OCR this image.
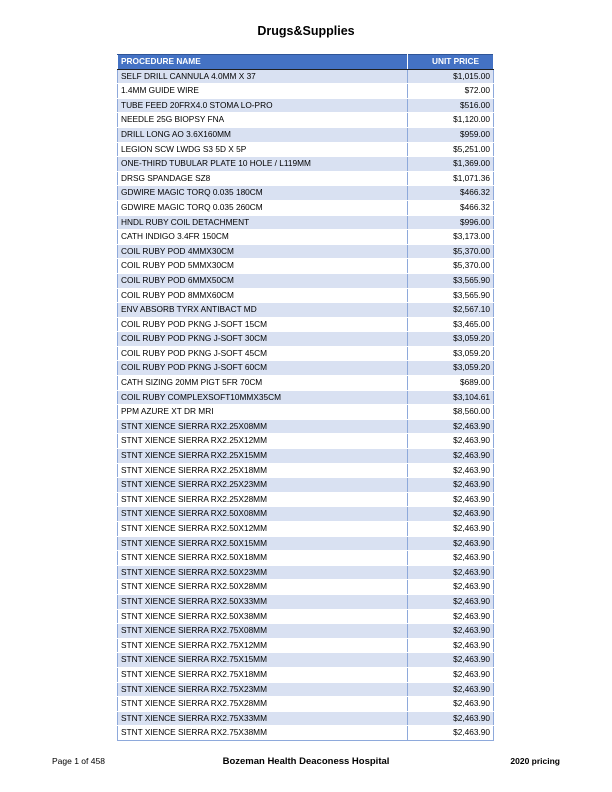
Drugs&Supplies
PROCEDURE NAME	UNIT PRICE
SELF DRILL CANNULA 4.0MM X 37	$1,015.00
1.4MM GUIDE WIRE	$72.00
TUBE FEED 20FRX4.0 STOMA LO-PRO	$516.00
NEEDLE 25G BIOPSY FNA	$1,120.00
DRILL LONG AO 3.6X160MM	$959.00
LEGION SCW LWDG S3 5D X 5P	$5,251.00
ONE-THIRD TUBULAR PLATE 10 HOLE / L119MM	$1,369.00
DRSG SPANDAGE SZ8	$1,071.36
GDWIRE MAGIC TORQ 0.035 180CM	$466.32
GDWIRE MAGIC TORQ 0.035 260CM	$466.32
HNDL RUBY COIL DETACHMENT	$996.00
CATH INDIGO 3.4FR 150CM	$3,173.00
COIL RUBY POD 4MMX30CM	$5,370.00
COIL RUBY POD 5MMX30CM	$5,370.00
COIL RUBY POD 6MMX50CM	$3,565.90
COIL RUBY POD 8MMX60CM	$3,565.90
ENV ABSORB TYRX ANTIBACT MD	$2,567.10
COIL RUBY POD PKNG J-SOFT 15CM	$3,465.00
COIL RUBY POD PKNG J-SOFT 30CM	$3,059.20
COIL RUBY POD PKNG J-SOFT 45CM	$3,059.20
COIL RUBY POD PKNG J-SOFT 60CM	$3,059.20
CATH SIZING 20MM PIGT 5FR 70CM	$689.00
COIL RUBY COMPLEXSOFT10MMX35CM	$3,104.61
PPM AZURE XT DR MRI	$8,560.00
STNT XIENCE SIERRA RX2.25X08MM	$2,463.90
STNT XIENCE SIERRA RX2.25X12MM	$2,463.90
STNT XIENCE SIERRA RX2.25X15MM	$2,463.90
STNT XIENCE SIERRA RX2.25X18MM	$2,463.90
STNT XIENCE SIERRA RX2.25X23MM	$2,463.90
STNT XIENCE SIERRA RX2.25X28MM	$2,463.90
STNT XIENCE SIERRA RX2.50X08MM	$2,463.90
STNT XIENCE SIERRA RX2.50X12MM	$2,463.90
STNT XIENCE SIERRA RX2.50X15MM	$2,463.90
STNT XIENCE SIERRA RX2.50X18MM	$2,463.90
STNT XIENCE SIERRA RX2.50X23MM	$2,463.90
STNT XIENCE SIERRA RX2.50X28MM	$2,463.90
STNT XIENCE SIERRA RX2.50X33MM	$2,463.90
STNT XIENCE SIERRA RX2.50X38MM	$2,463.90
STNT XIENCE SIERRA RX2.75X08MM	$2,463.90
STNT XIENCE SIERRA RX2.75X12MM	$2,463.90
STNT XIENCE SIERRA RX2.75X15MM	$2,463.90
STNT XIENCE SIERRA RX2.75X18MM	$2,463.90
STNT XIENCE SIERRA RX2.75X23MM	$2,463.90
STNT XIENCE SIERRA RX2.75X28MM	$2,463.90
STNT XIENCE SIERRA RX2.75X33MM	$2,463.90
STNT XIENCE SIERRA RX2.75X38MM	$2,463.90
Page 1 of 458	Bozeman Health Deaconess Hospital	2020 pricing
